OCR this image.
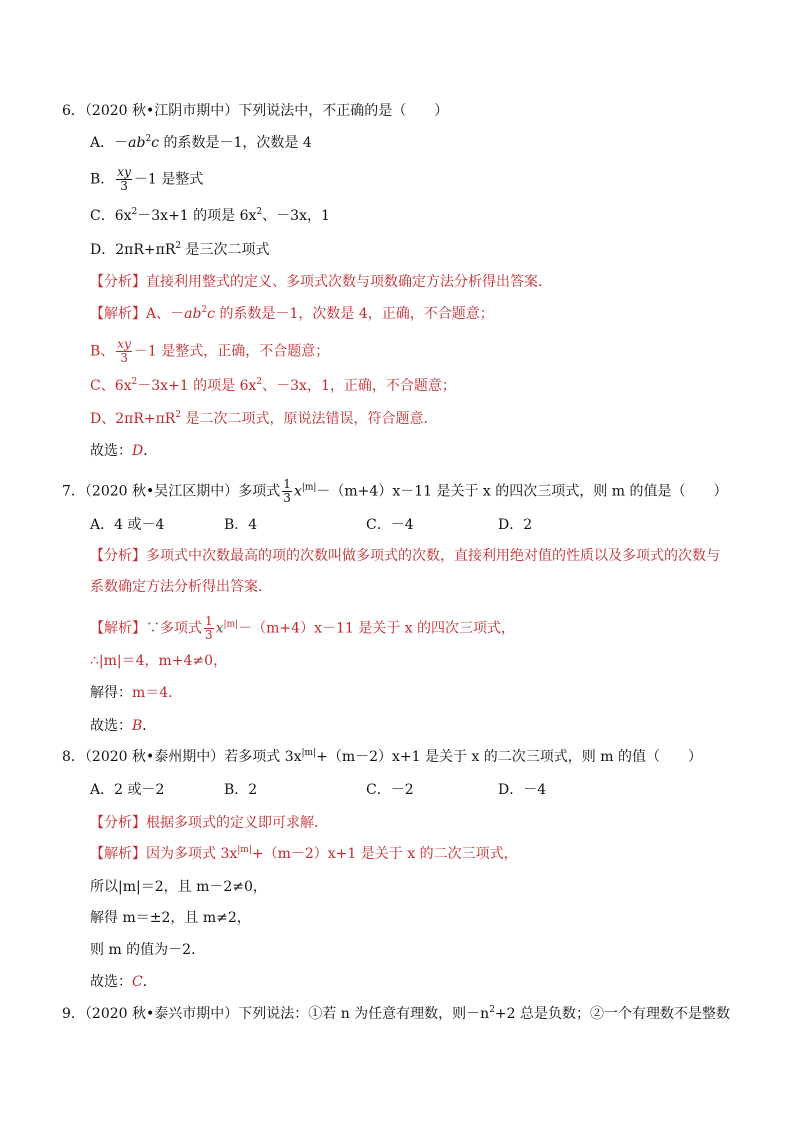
6．（2020 秋•江阴市期中）下列说法中，不正确的是（　　）
A．$-ab^2c$ 的系数是－1，次数是 4
B． $\frac{xy}{3} -1$ 是整式
C．$6x^2-3x+1$ 的项是 $6x^2$、－3x，1
D．$2\pi R+\pi R^2$ 是三次二项式
【分析】直接利用整式的定义、多项式次数与项数确定方法分析得出答案．
【解析】A、$-ab^2c$ 的系数是－1，次数是 4，正确，不合题意；
B、 $\frac{xy}{3} -1$ 是整式，正确，不合题意；
C、$6x^2-3x+1$ 的项是 $6x^2$、－3x，1，正确，不合题意；
D、$2\pi R+\pi R^2$ 是二次二项式，原说法错误，符合题意．
故选：D．
7．（2020 秋•吴江区期中）多项式 $\frac{1}{3} x^{|m|}-(m+4)x-11$ 是关于 x 的四次三项式，则 m 的值是（　　）
A．4 或－4	B．4	C．－4	D．2
【分析】多项式中次数最高的项的次数叫做多项式的次数，直接利用绝对值的性质以及多项式的次数与
系数确定方法分析得出答案．
【解析】∵多项式 $\frac{1}{3} x^{|m|}-(m+4)x-11$ 是关于 x 的四次三项式，
∴|m|＝4，m+4≠0，
解得：m＝4．
故选：B．
8．（2020 秋•泰州期中）若多项式 $3x^{|m|}+(m-2)x+1$ 是关于 x 的二次三项式，则 m 的值（　　）
A．2 或－2	B．2	C．－2	D．－4
【分析】根据多项式的定义即可求解．
【解析】因为多项式 $3x^{|m|}+(m-2)x+1$ 是关于 x 的二次三项式，
所以|m|＝2，且 m－2≠0，
解得 m＝±2，且 m≠2，
则 m 的值为－2．
故选：C．
9．（2020 秋•泰兴市期中）下列说法：①若 n 为任意有理数，则$-n^2+2$ 总是负数；②一个有理数不是整数
